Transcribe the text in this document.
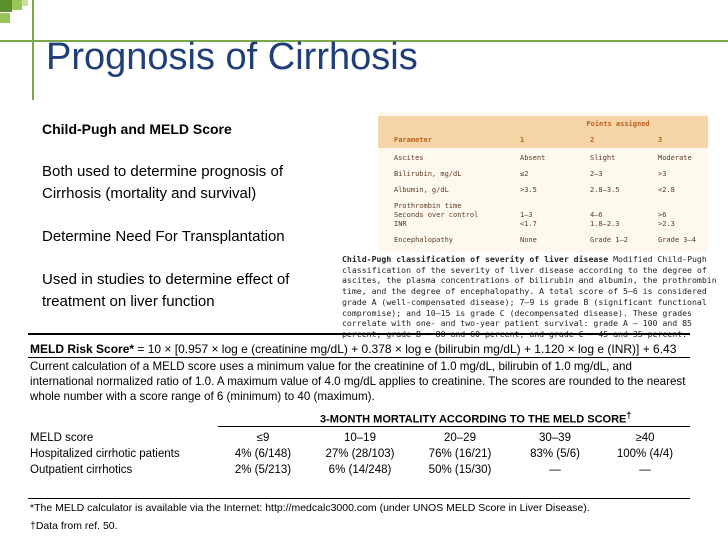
Prognosis of Cirrhosis

Child-Pugh and MELD Score

Both used to determine prognosis of Cirrhosis (mortality and survival)

Determine Need For Transplantation

Used in studies to determine effect of treatment on liver function

Points assigned
Parameter	1	2	3
Ascites	Absent	Slight	Moderate
Bilirubin, mg/dL	≤2	2–3	>3
Albumin, g/dL	>3.5	2.8–3.5	<2.8
Prothrombin time
Seconds over control	1–3	4–6	>6
INR	<1.7	1.8–2.3	>2.3
Encephalopathy	None	Grade 1–2	Grade 3–4
Child-Pugh classification of severity of liver disease Modified Child-Pugh classification of the severity of liver disease according to the degree of ascites, the plasma concentrations of bilirubin and albumin, the prothrombin time, and the degree of encephalopathy. A total score of 5–6 is considered grade A (well-compensated disease); 7–9 is grade B (significant functional compromise); and 10–15 is grade C (decompensated disease). These grades correlate with one- and two-year patient survival: grade A – 100 and 85
MELD Risk Score* = 10 × [0.957 × log e (creatinine mg/dL) + 0.378 × log e (bilirubin mg/dL) + 1.120 × log e (INR)] + 6.43
Current calculation of a MELD score uses a minimum value for the creatinine of 1.0 mg/dL, bilirubin of 1.0 mg/dL, and international normalized ratio of 1.0. A maximum value of 4.0 mg/dL applies to creatinine. The scores are rounded to the nearest whole number with a score range of 6 (minimum) to 40 (maximum).
3-MONTH MORTALITY ACCORDING TO THE MELD SCORE†
MELD score	≤9	10–19	20–29	30–39	≥40
Hospitalized cirrhotic patients	4% (6/148)	27% (28/103)	76% (16/21)	83% (5/6)	100% (4/4)
Outpatient cirrhotics	2% (5/213)	6% (14/248)	50% (15/30)	—	—
*The MELD calculator is available via the Internet: http://medcalc3000.com (under UNOS MELD Score in Liver Disease).
†Data from ref. 50.
